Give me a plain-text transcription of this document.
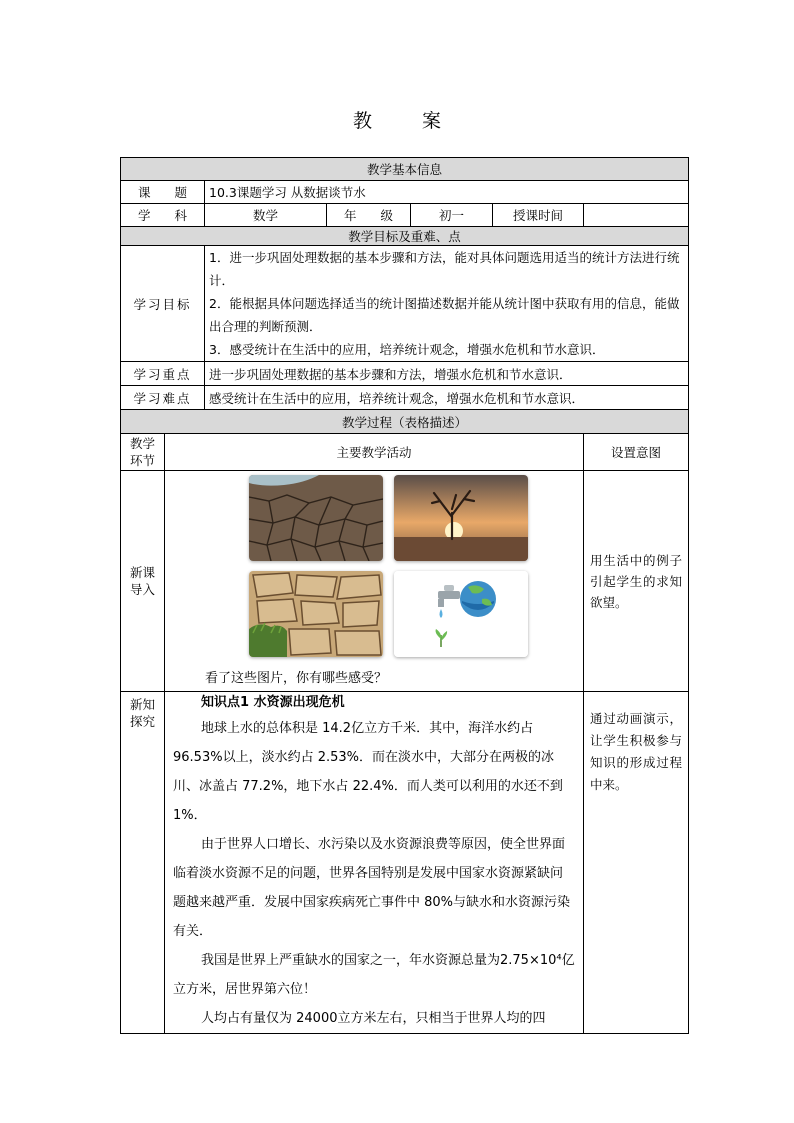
教 案
教学基本信息						
课 题		10.3课题学习 从数据谈节水				
学 科		数学	年 级	初一	授课时间	
教学目标及重难、点						
学习目标		1．进一步巩固处理数据的基本步骤和方法，能对具体问题选用适当的统计方法进行统计．

2．能根据具体问题选择适当的统计图描述数据并能从统计图中获取有用的信息，能做出合理的判断预测．

3．感受统计在生活中的应用，培养统计观念，增强水危机和节水意识．				

学习重点		进一步巩固处理数据的基本步骤和方法，增强水危机和节水意识．				
学习难点		感受统计在生活中的应用，培养统计观念，增强水危机和节水意识．				
教学过程（表格描述）						
教学环节	主要教学活动					设置意图
新课导入	看了这些图片，你有哪些感受？					用生活中的例子引起学生的求知欲望。
新知探究	知识点1 水资源出现危机

地球上水的总体积是 14.2亿立方千米．其中，海洋水约占96.53%以上，淡水约占 2.53%．而在淡水中，大部分在两极的冰川、冰盖占 77.2%，地下水占 22.4%．而人类可以利用的水还不到1%．

由于世界人口增长、水污染以及水资源浪费等原因，使全世界面临着淡水资源不足的问题，世界各国特别是发展中国家水资源紧缺问题越来越严重．发展中国家疾病死亡事件中 80%与缺水和水资源污染有关．

我国是世界上严重缺水的国家之一，年水资源总量为2.75×10⁴亿立方米，居世界第六位！

人均占有量仅为 24000立方米左右，只相当于世界人均的四					通过动画演示，让学生积极参与知识的形成过程中来。
